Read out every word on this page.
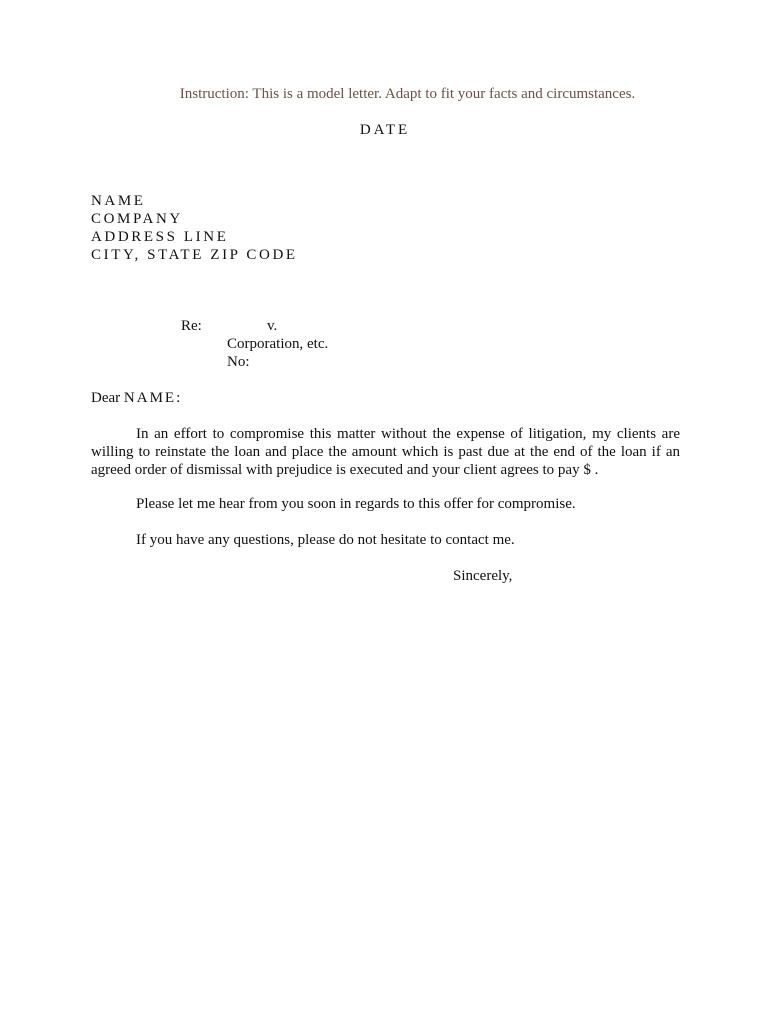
Instruction: This is a model letter. Adapt to fit your facts and circumstances.
DATE
NAME
COMPANY
ADDRESS LINE
CITY, STATE ZIP CODE
Re:	v.
Corporation, etc.
No:
Dear NAME:
In an effort to compromise this matter without the expense of litigation, my clients are willing to reinstate the loan and place the amount which is past due at the end of the loan if an agreed order of dismissal with prejudice is executed and your client agrees to pay $ .
Please let me hear from you soon in regards to this offer for compromise.
If you have any questions, please do not hesitate to contact me.
Sincerely,
